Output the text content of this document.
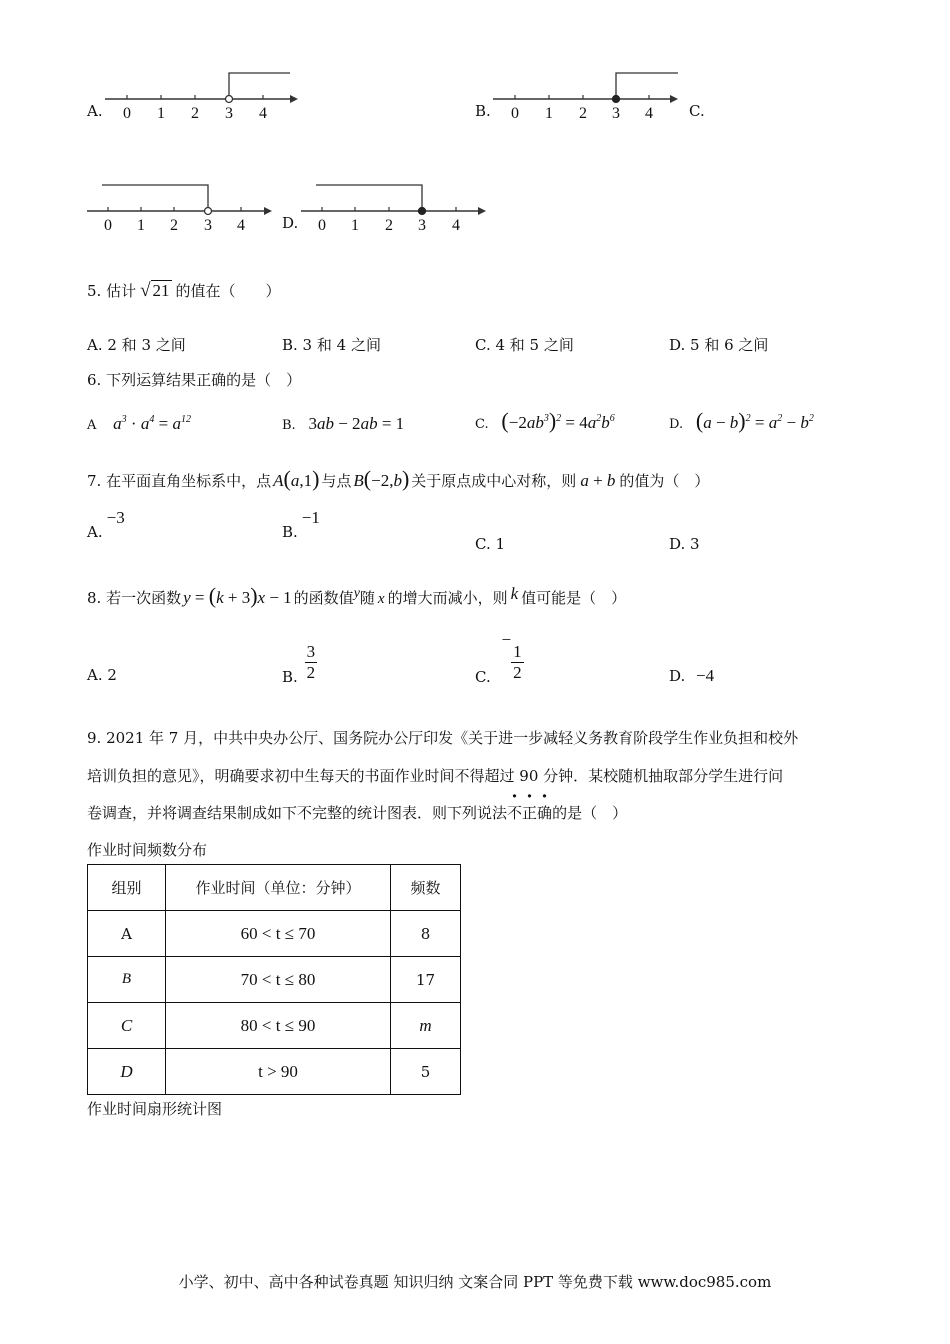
A. 0 1 2 3 4	B. 0 1 2 3 4 C.
0 1 2 3 4 D. 0 1 2 3 4
5. 估计 √ 21 的值在（　　）
A. 2 和 3 之间	B. 3 和 4 之间	C. 4 和 5 之间	D. 5 和 6 之间
6. 下列运算结果正确的是（　）
A $a^3 \cdot a^4 = a^{12}$	B. 3ab − 2ab = 1	C. $(-2ab^3)^2 = 4a^2b^6$	D. $(a - b)^2 = a^2 - b^2$
7. 在平面直角坐标系中，点 A(a,1) 与点 B(−2,b) 关于原点成中心对称，则 a + b 的值为（　）
A.−3
B.−1
C. 1	D. 3
8. 若一次函数 y = (k + 3)x − 1 的函数值y随 x 的增大而减小，则 k 值可能是（　）
A. 2	B. $\frac{3}{2}$	C. −
$\frac{1}{2}$	D. −4
9. 2021 年 7 月，中共中央办公厅、国务院办公厅印发《关于进一步减轻义务教育阶段学生作业负担和校外
培训负担的意见》，明确要求初中生每天的书面作业时间不得超过 90 分钟．某校随机抽取部分学生进行问
卷调查，并将调查结果制成如下不完整的统计图表．则下列说法不正确的是（　）
作业时间频数分布
组别	作业时间（单位：分钟）	频数
A	60 < t ≤ 70	8
B	70 < t ≤ 80	17
C	80 < t ≤ 90	m
D	t > 90	5
作业时间扇形统计图
小学、初中、高中各种试卷真题 知识归纳 文案合同 PPT 等免费下载 www.doc985.com
